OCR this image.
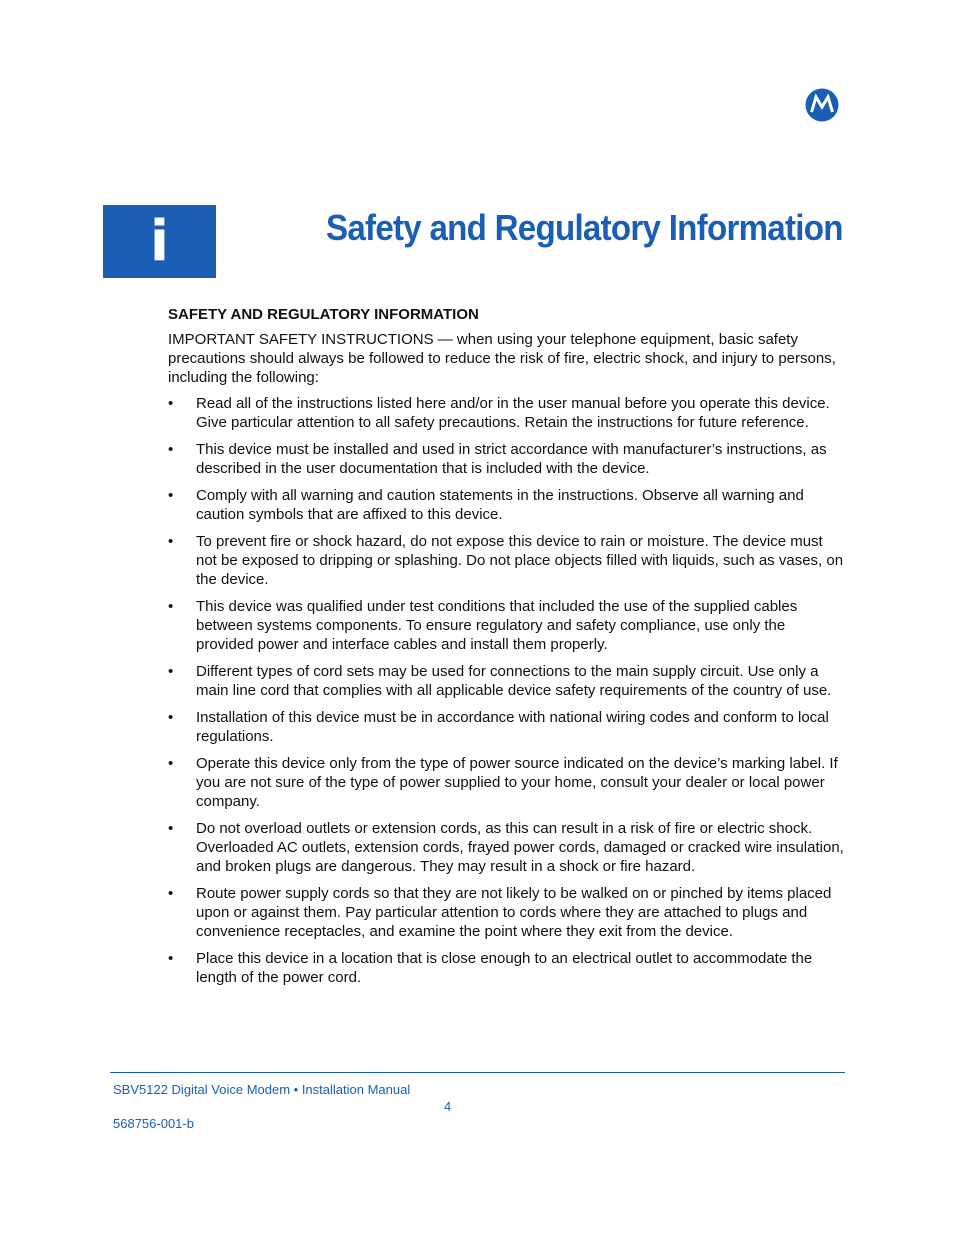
i	Safety and Regulatory Information
SAFETY AND REGULATORY INFORMATION

IMPORTANT SAFETY INSTRUCTIONS — when using your telephone equipment, basic safety precautions should always be followed to reduce the risk of fire, electric shock, and injury to persons, including the following:

• Read all of the instructions listed here and/or in the user manual before you operate this device. Give particular attention to all safety precautions. Retain the instructions for future reference.
• This device must be installed and used in strict accordance with manufacturer’s instructions, as described in the user documentation that is included with the device.
• Comply with all warning and caution statements in the instructions. Observe all warning and caution symbols that are affixed to this device.
• To prevent fire or shock hazard, do not expose this device to rain or moisture. The device must not be exposed to dripping or splashing. Do not place objects filled with liquids, such as vases, on the device.
• This device was qualified under test conditions that included the use of the supplied cables between systems components. To ensure regulatory and safety compliance, use only the provided power and interface cables and install them properly.
• Different types of cord sets may be used for connections to the main supply circuit. Use only a main line cord that complies with all applicable device safety requirements of the country of use.
• Installation of this device must be in accordance with national wiring codes and conform to local regulations.
• Operate this device only from the type of power source indicated on the device’s marking label. If you are not sure of the type of power supplied to your home, consult your dealer or local power company.
• Do not overload outlets or extension cords, as this can result in a risk of fire or electric shock. Overloaded AC outlets, extension cords, frayed power cords, damaged or cracked wire insulation, and broken plugs are dangerous. They may result in a shock or fire hazard.
• Route power supply cords so that they are not likely to be walked on or pinched by items placed upon or against them. Pay particular attention to cords where they are attached to plugs and convenience receptacles, and examine the point where they exit from the device.
• Place this device in a location that is close enough to an electrical outlet to accommodate the length of the power cord.
SBV5122 Digital Voice Modem • Installation Manual
4
568756-001-b
